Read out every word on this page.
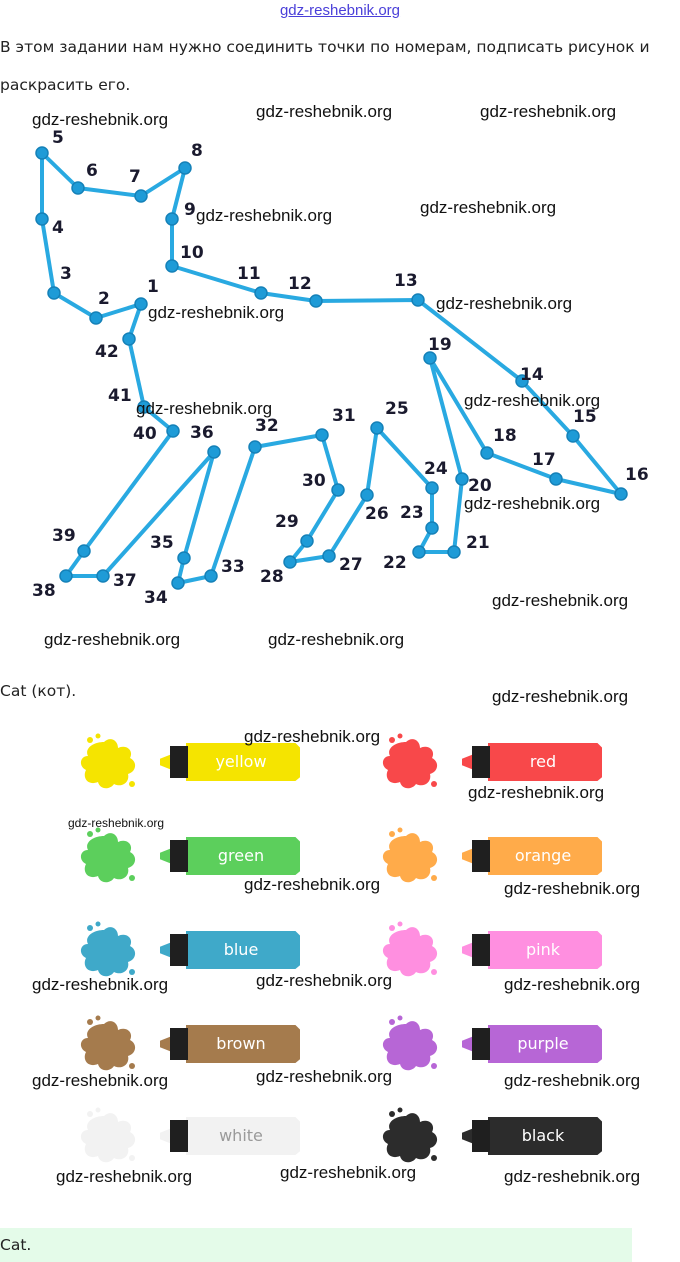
gdz-reshebnik.org
В этом задании нам нужно соединить точки по номерам, подписать рисунок и
раскрасить его.
1
2
3
4
5
6 7
8
9
10
11 12	13
14
15
16
17
18
19
20
21
22
23
24
25
26
27
28
29
30
31
32
33
34
35
36
37
38
39
40
41
42
gdz-reshebnik.org	gdz-reshebnik.org	gdz-reshebnik.org
gdz-reshebnik.org	gdz-reshebnik.org
gdz-reshebnik.org
gdz-reshebnik.org
gdz-reshebnik.org
gdz-reshebnik.org
gdz-reshebnik.org
gdz-reshebnik.org
gdz-reshebnik.org	gdz-reshebnik.org
Cat (кот).	gdz-reshebnik.org
yellow	red
green	orange
blue	pink
brown	purple
white	black
gdz-reshebnik.org
gdz-reshebnik.org
gdz-reshebnik.org
gdz-reshebnik.org	gdz-reshebnik.org
gdz-reshebnik.org
gdz-reshebnik.org	gdz-reshebnik.org
gdz-reshebnik.org
gdz-reshebnik.org	gdz-reshebnik.org
gdz-reshebnik.org
gdz-reshebnik.org	gdz-reshebnik.org
Cat.
